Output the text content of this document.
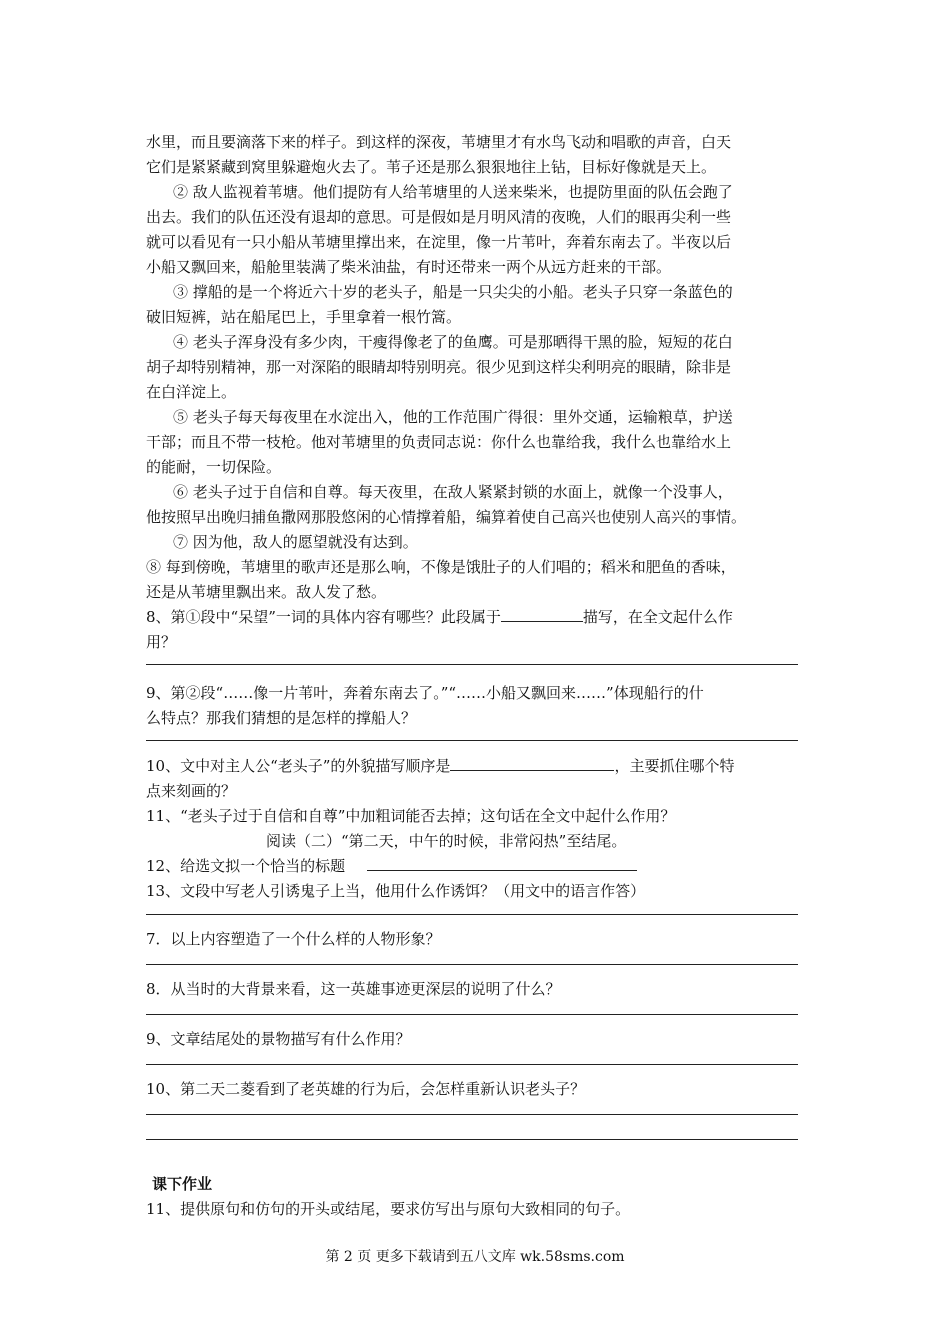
水里，而且要滴落下来的样子。到这样的深夜，苇塘里才有水鸟飞动和唱歌的声音，白天
它们是紧紧藏到窝里躲避炮火去了。苇子还是那么狠狠地往上钻，目标好像就是天上。
② 敌人监视着苇塘。他们提防有人给苇塘里的人送来柴米，也提防里面的队伍会跑了
出去。我们的队伍还没有退却的意思。可是假如是月明风清的夜晚，人们的眼再尖利一些
就可以看见有一只小船从苇塘里撑出来，在淀里，像一片苇叶，奔着东南去了。半夜以后
小船又飘回来，船舱里装满了柴米油盐，有时还带来一两个从远方赶来的干部。
③ 撑船的是一个将近六十岁的老头子，船是一只尖尖的小船。老头子只穿一条蓝色的
破旧短裤，站在船尾巴上，手里拿着一根竹篙。
④ 老头子浑身没有多少肉，干瘦得像老了的鱼鹰。可是那晒得干黑的脸，短短的花白
胡子却特别精神，那一对深陷的眼睛却特别明亮。很少见到这样尖利明亮的眼睛，除非是
在白洋淀上。
⑤ 老头子每天每夜里在水淀出入，他的工作范围广得很：里外交通，运输粮草，护送
干部；而且不带一枝枪。他对苇塘里的负责同志说：你什么也靠给我，我什么也靠给水上
的能耐，一切保险。
⑥ 老头子过于自信和自尊。每天夜里，在敌人紧紧封锁的水面上，就像一个没事人，
他按照早出晚归捕鱼撒网那股悠闲的心情撑着船，编算着使自己高兴也使别人高兴的事情。
⑦ 因为他，敌人的愿望就没有达到。
⑧ 每到傍晚，苇塘里的歌声还是那么响，不像是饿肚子的人们唱的；稻米和肥鱼的香味，
还是从苇塘里飘出来。敌人发了愁。
8、第①段中“呆望”一词的具体内容有哪些？此段属于	描写，在全文起什么作
用？
9、第②段“……像一片苇叶，奔着东南去了。”“……小船又飘回来……”体现船行的什
么特点？那我们猜想的是怎样的撑船人？
10、文中对主人公“老头子”的外貌描写顺序是	，主要抓住哪个特
点来刻画的？
11、“老头子过于自信和自尊”中加粗词能否去掉；这句话在全文中起什么作用？
阅读（二）“第二天，中午的时候，非常闷热”至结尾。
12、给选文拟一个恰当的标题
13、文段中写老人引诱鬼子上当，他用什么作诱饵？（用文中的语言作答）
7．以上内容塑造了一个什么样的人物形象？
8．从当时的大背景来看，这一英雄事迹更深层的说明了什么？
9、文章结尾处的景物描写有什么作用？
10、第二天二菱看到了老英雄的行为后，会怎样重新认识老头子？
课下作业
11、提供原句和仿句的开头或结尾，要求仿写出与原句大致相同的句子。
第 2 页 更多下载请到五八文库 wk.58sms.com
